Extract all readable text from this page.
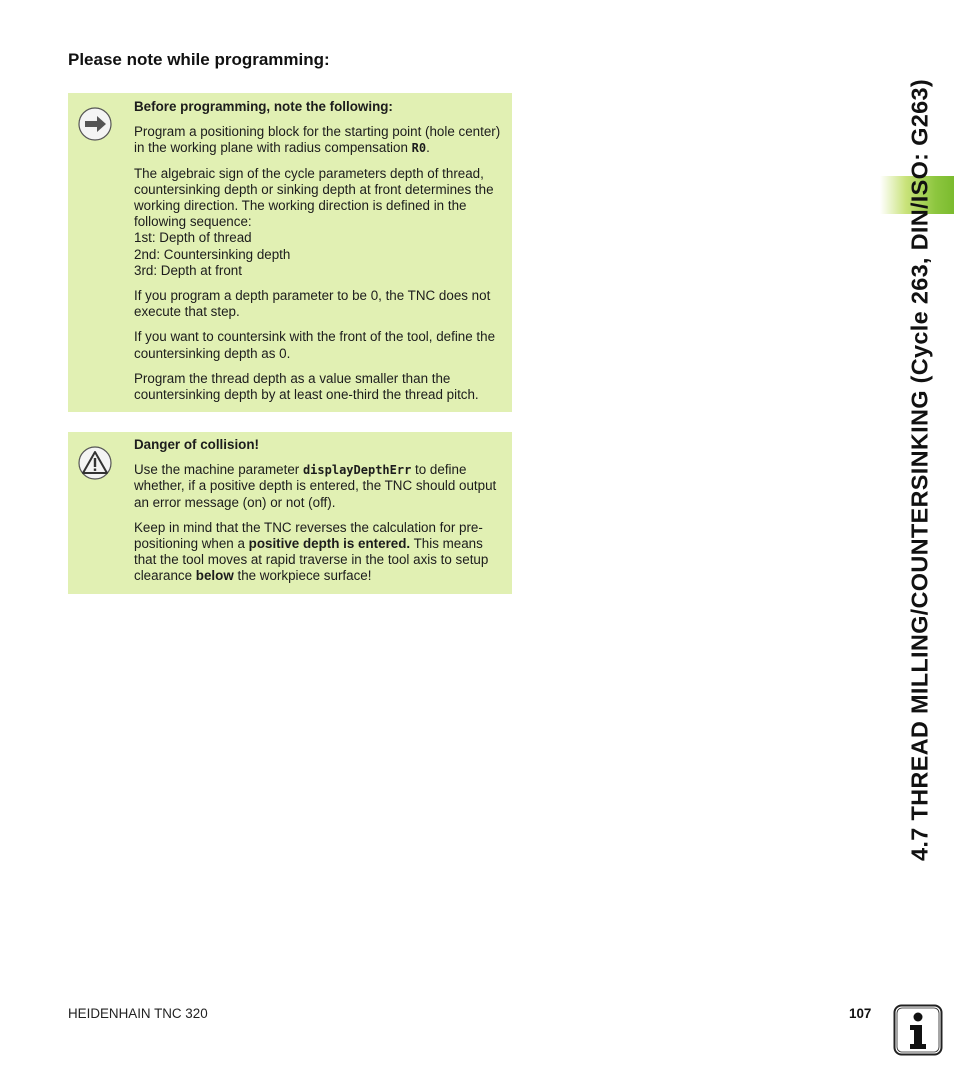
Please note while programming:
Before programming, note the following:

Program a positioning block for the starting point (hole center) in the working plane with radius compensation R0.

The algebraic sign of the cycle parameters depth of thread, countersinking depth or sinking depth at front determines the working direction. The working direction is defined in the following sequence:
1st: Depth of thread
2nd: Countersinking depth
3rd: Depth at front

If you program a depth parameter to be 0, the TNC does not execute that step.

If you want to countersink with the front of the tool, define the countersinking depth as 0.

Program the thread depth as a value smaller than the countersinking depth by at least one-third the thread pitch.

Danger of collision!

Use the machine parameter displayDepthErr to define whether, if a positive depth is entered, the TNC should output an error message (on) or not (off).

Keep in mind that the TNC reverses the calculation for pre-positioning when a positive depth is entered. This means that the tool moves at rapid traverse in the tool axis to setup clearance below the workpiece surface!	4.7 THREAD MILLING/COUNTERSINKING (Cycle 263, DIN/ISO: G263)
HEIDENHAIN TNC 320	107
